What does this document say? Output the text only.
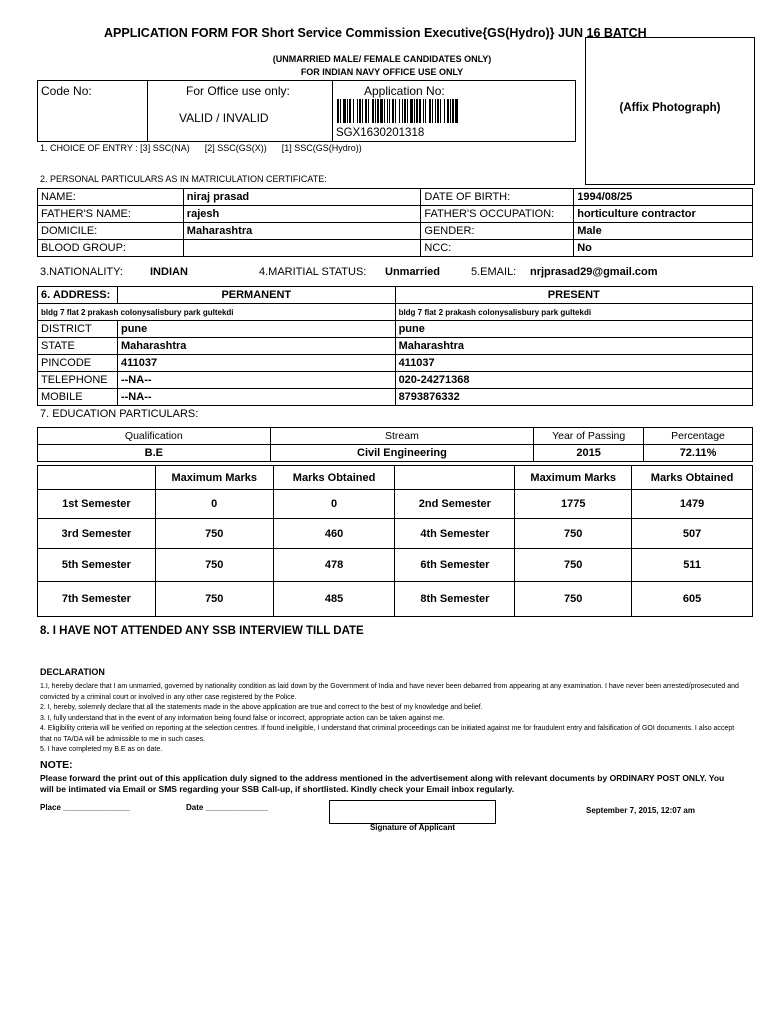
APPLICATION FORM FOR Short Service Commission Executive{GS(Hydro)} JUN 16 BATCH
(UNMARRIED MALE/ FEMALE CANDIDATES ONLY)
FOR INDIAN NAVY OFFICE USE ONLY
(Affix Photograph)
Code No:	For Office use only:
VALID / INVALID
Application No:
SGX1630201318
1. CHOICE OF ENTRY : [3] SSC(NA)      [2] SSC(GS(X))      [1] SSC(GS(Hydro))
2. PERSONAL PARTICULARS AS IN MATRICULATION CERTIFICATE:
NAME:	niraj prasad	DATE OF BIRTH:	1994/08/25
FATHER'S NAME:	rajesh	FATHER'S OCCUPATION:	horticulture contractor
DOMICILE:	Maharashtra	GENDER:	Male
BLOOD GROUP:		NCC:	No
3.NATIONALITY: INDIAN	4.MARITIAL STATUS: Unmarried	5.EMAIL: nrjprasad29@gmail.com
6. ADDRESS:	PERMANENT	PRESENT
bldg 7 flat 2 prakash colonysalisbury park gultekdi		bldg 7 flat 2 prakash colonysalisbury park gultekdi
DISTRICT	pune	pune
STATE	Maharashtra	Maharashtra
PINCODE	411037	411037
TELEPHONE	--NA--	020-24271368
MOBILE	--NA--	8793876332
7. EDUCATION PARTICULARS:
Qualification	Stream	Year of Passing	Percentage
B.E	Civil Engineering	2015	72.11%
	Maximum Marks	Marks Obtained		Maximum Marks	Marks Obtained
1st Semester	0	0	2nd Semester	1775	1479
3rd Semester	750	460	4th Semester	750	507
5th Semester	750	478	6th Semester	750	511
7th Semester	750	485	8th Semester	750	605
8. I HAVE NOT ATTENDED ANY SSB INTERVIEW TILL DATE
DECLARATION

1.I, hereby declare that I am unmarried, governed by nationality condition as laid down by the Government of India and have never been debarred from appearing at any examination. I have never been arrested/prosecuted and convicted by a criminal court or involved in any other case registered by the Police.

2. I, hereby, solemnly declare that all the statements made in the above application are true and correct to the best of my knowledge and belief.

3. I, fully understand that in the event of any information being found false or incorrect, appropriate action can be taken against me.

4. Eligibility criteria will be verified on reporting at the selection centres. If found ineligible, I understand that criminal proceedings can be initiated against me for fraudulent entry and falsification of GOI documents. I also accept that no TA/DA will be admissible to me in such cases.

5. I have completed my B.E as on date.

NOTE:
Please forward the print out of this application duly signed to the address mentioned in the advertisement along with relevant documents by ORDINARY POST ONLY. You will be intimated via Email or SMS regarding your SSB Call-up, if shortlisted. Kindly check your Email inbox regularly.
Place _______________	Date ______________
Signature of Applicant
September 7, 2015, 12:07 am
